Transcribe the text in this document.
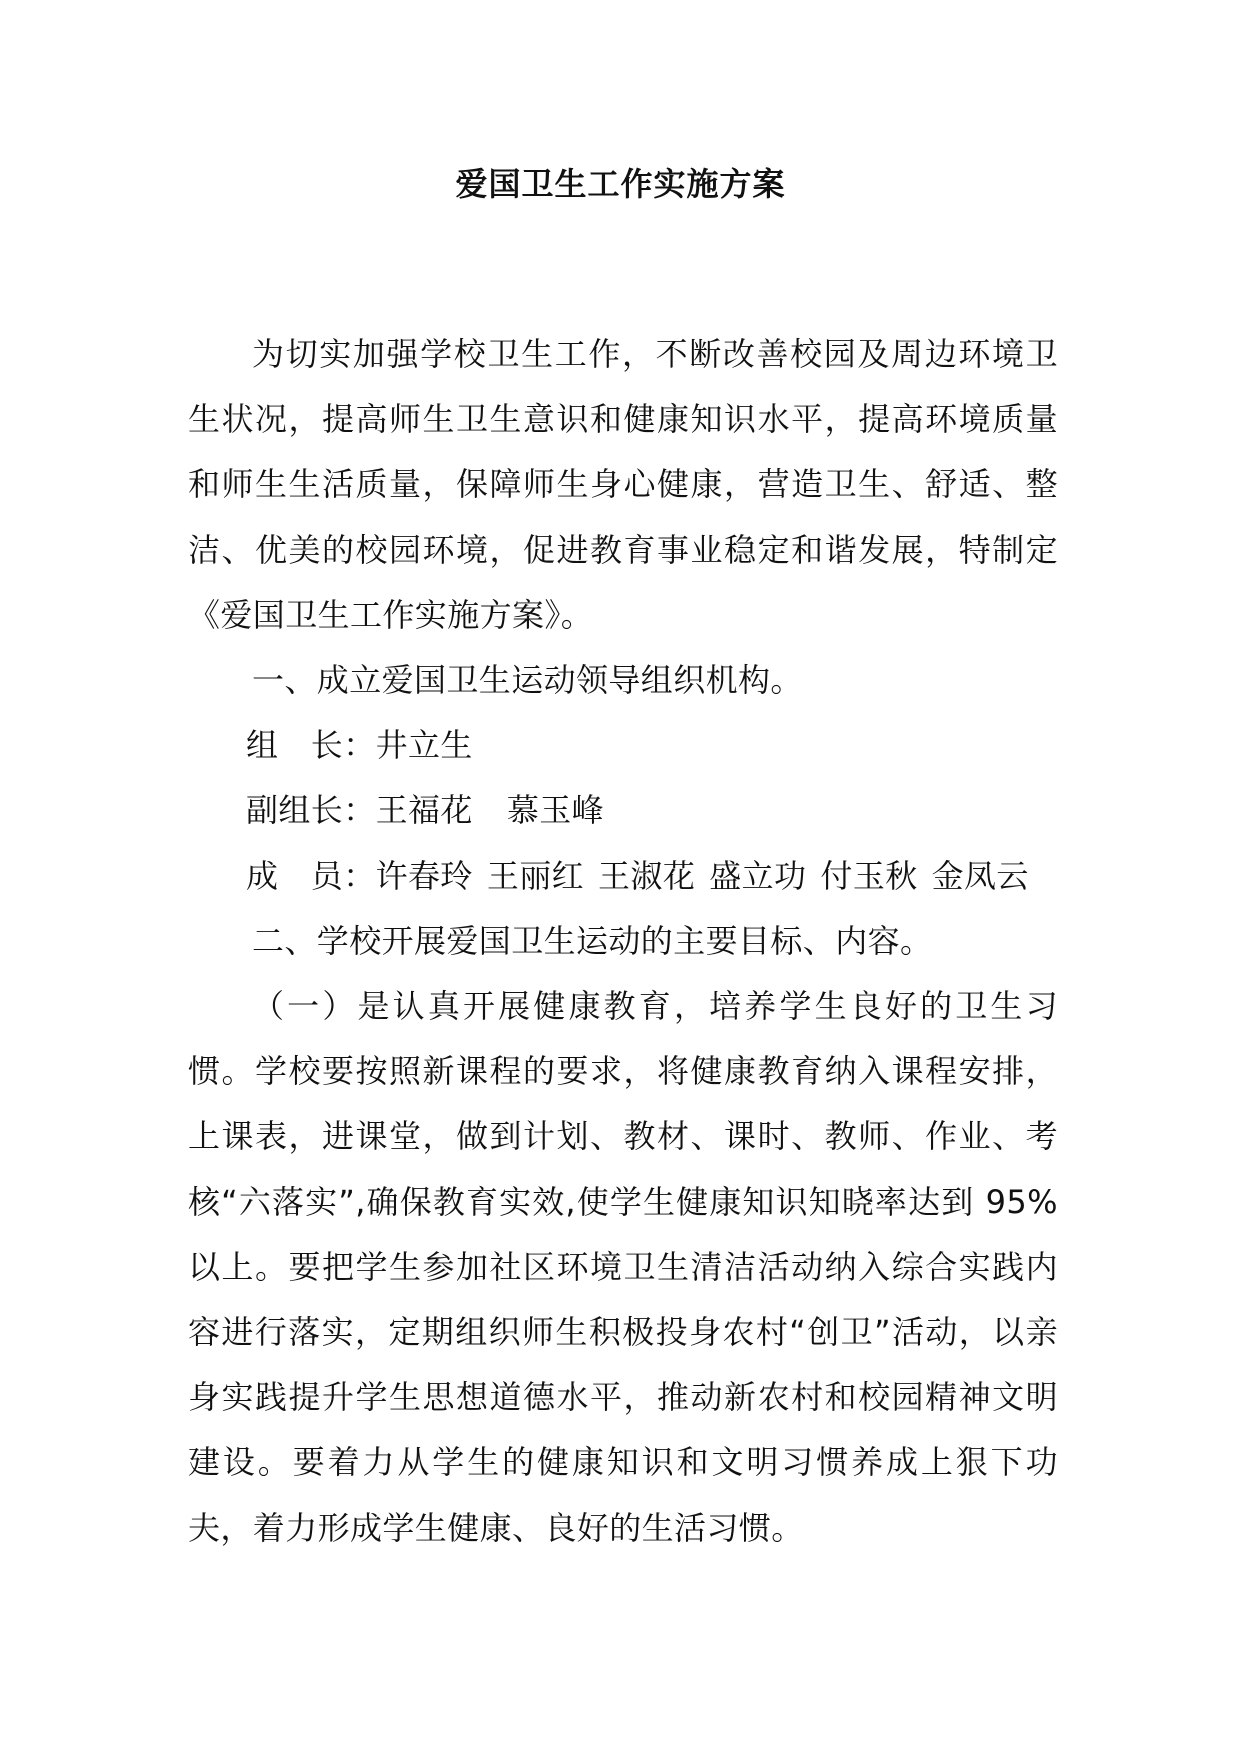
爱国卫生工作实施方案

为切实加强学校卫生工作，不断改善校园及周边环境卫生状况，提高师生卫生意识和健康知识水平，提高环境质量和师生生活质量，保障师生身心健康，营造卫生、舒适、整洁、优美的校园环境，促进教育事业稳定和谐发展，特制定《爱国卫生工作实施方案》。

一、成立爱国卫生运动领导组织机构。

组　长：井立生

副组长：王福花 慕玉峰

成　员：许春玲 王丽红 王淑花 盛立功 付玉秋 金凤云

二、学校开展爱国卫生运动的主要目标、内容。

（一）是认真开展健康教育，培养学生良好的卫生习惯。学校要按照新课程的要求，将健康教育纳入课程安排，上课表，进课堂，做到计划、教材、课时、教师、作业、考核“六落实”,确保教育实效,使学生健康知识知晓率达到 95%以上。要把学生参加社区环境卫生清洁活动纳入综合实践内容进行落实，定期组织师生积极投身农村“创卫”活动，以亲身实践提升学生思想道德水平，推动新农村和校园精神文明建设。要着力从学生的健康知识和文明习惯养成上狠下功夫，着力形成学生健康、良好的生活习惯。
